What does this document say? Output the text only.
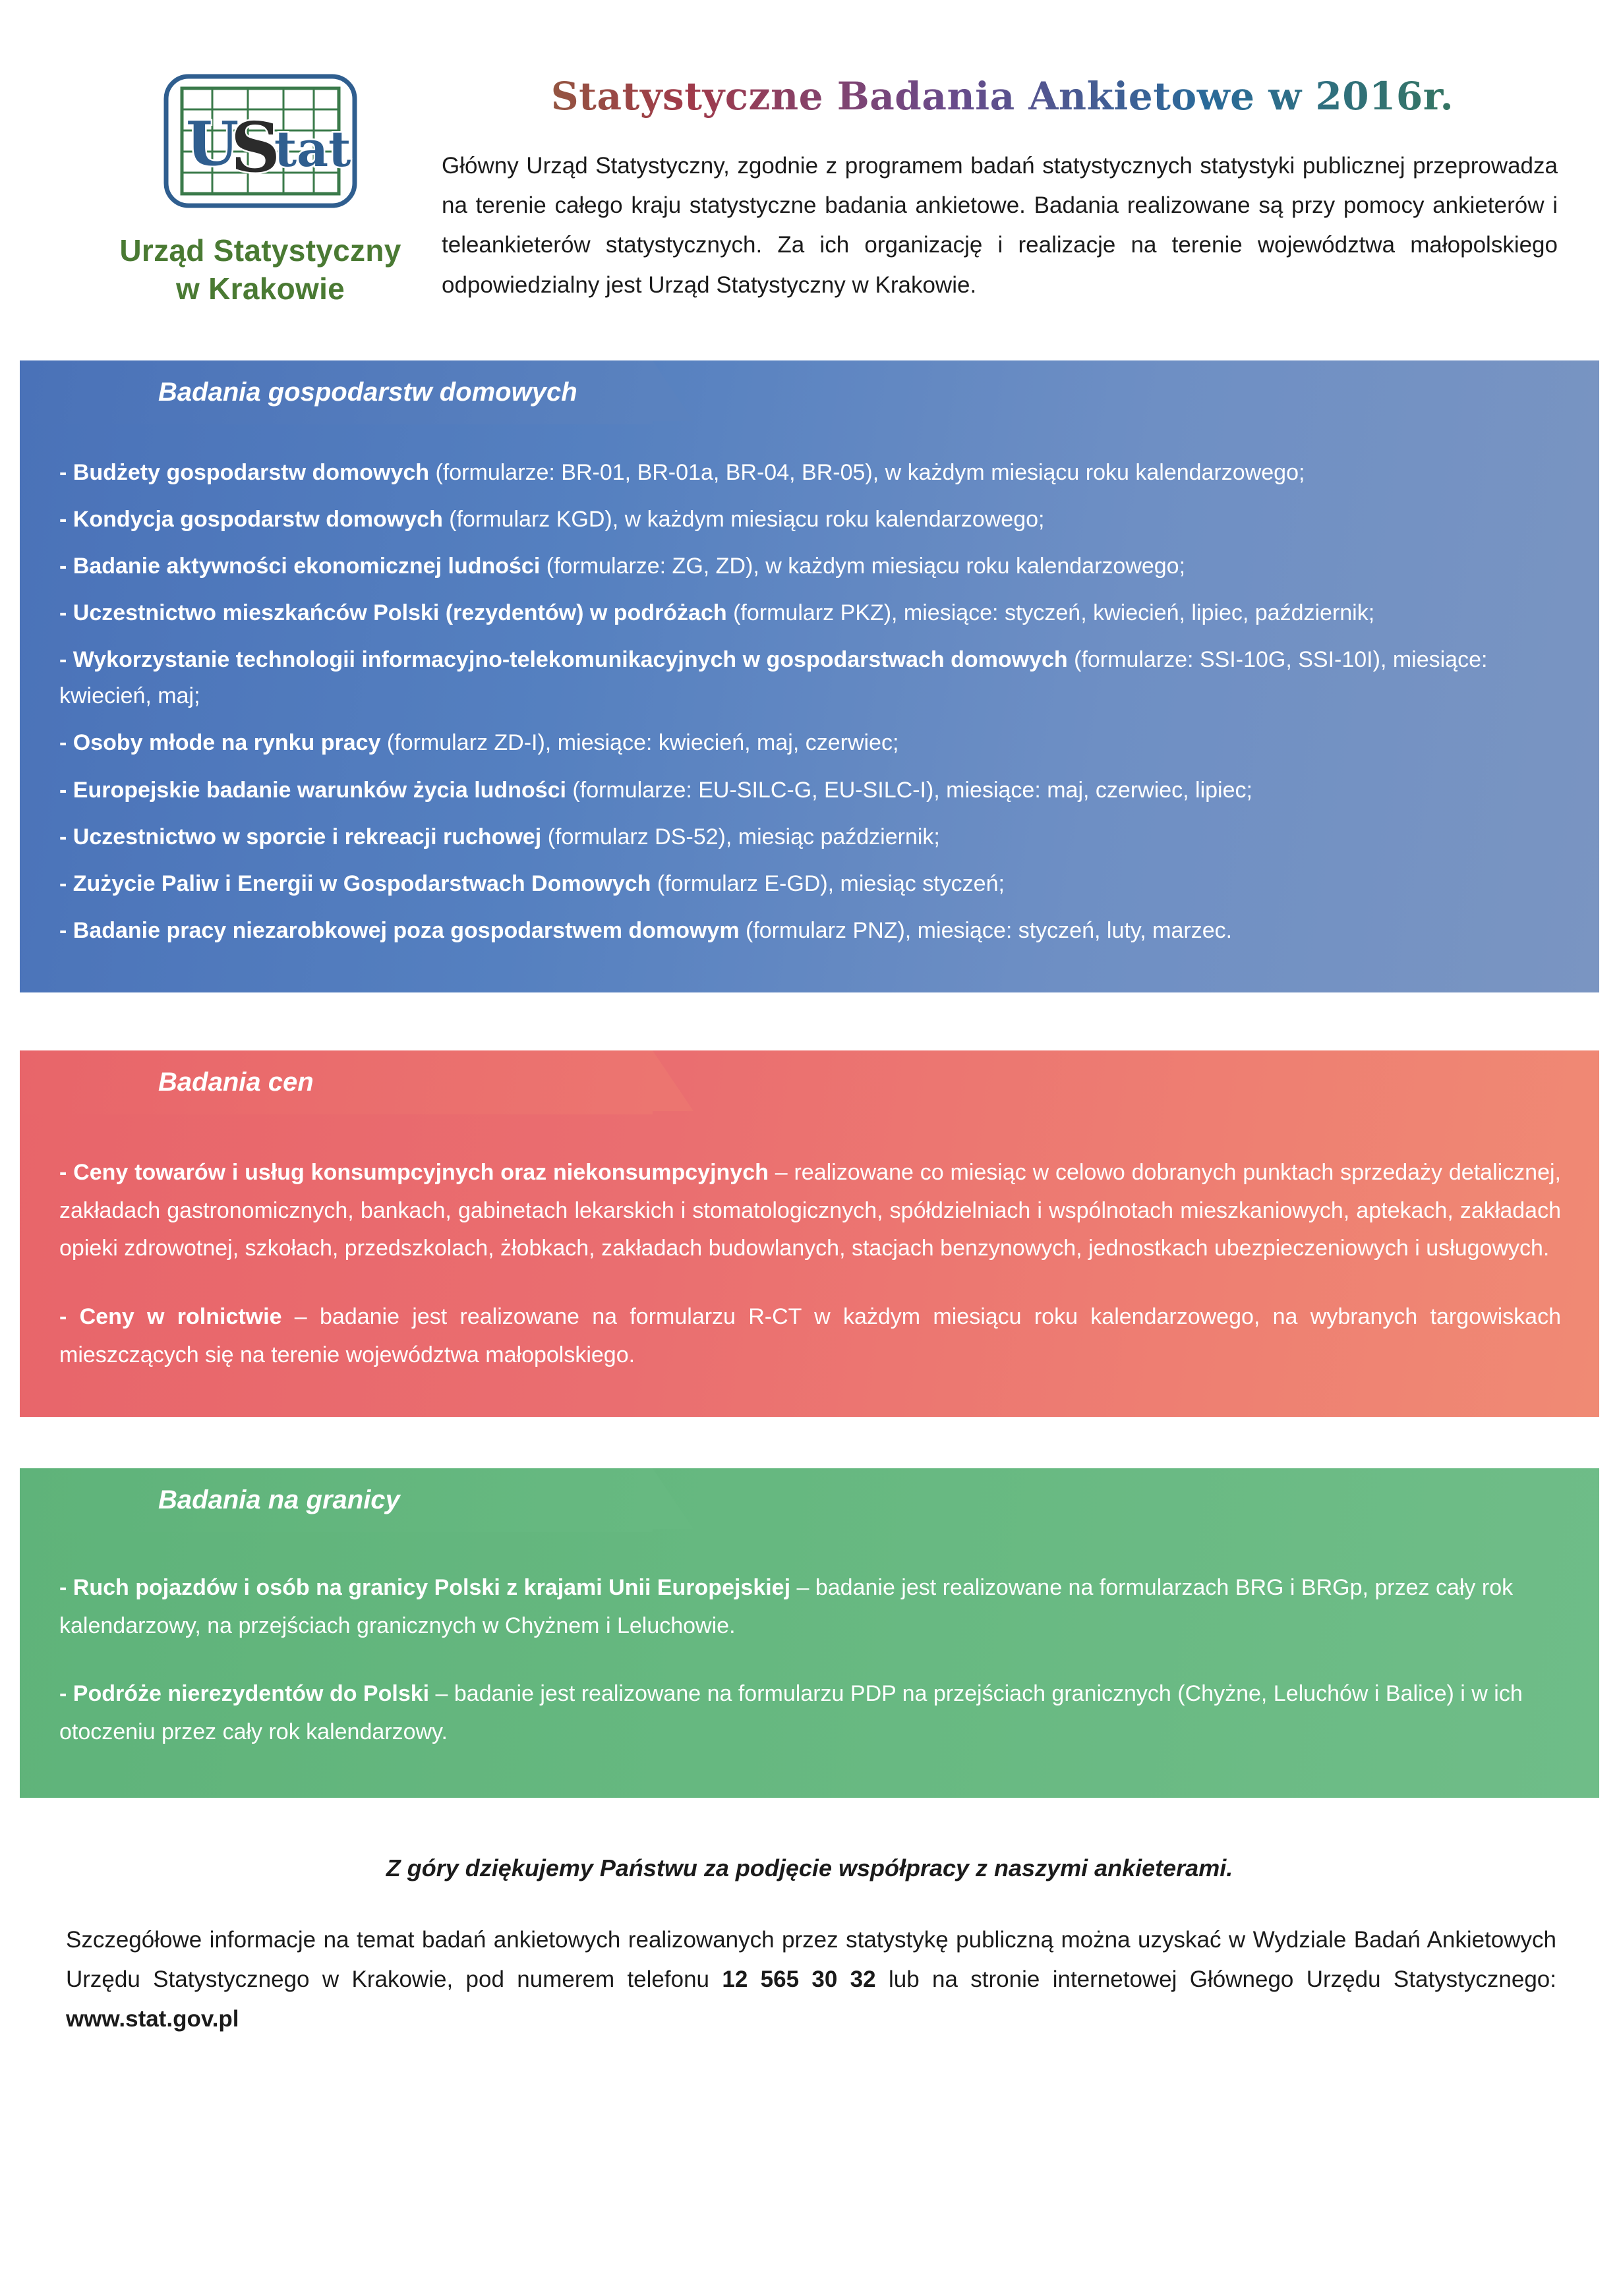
U
S
tat
Urząd Statystyczny
w Krakowie
Statystyczne Badania Ankietowe w 2016r.
Główny Urząd Statystyczny, zgodnie z programem badań statystycznych statystyki publicznej przeprowadza na terenie całego kraju statystyczne badania ankietowe. Badania realizowane są przy pomocy ankieterów i teleankieterów statystycznych. Za ich organizację i realizacje na terenie województwa małopolskiego odpowiedzialny jest Urząd Statystyczny w Krakowie.
Badania gospodarstw domowych
- Budżety gospodarstw domowych (formularze: BR-01, BR-01a, BR-04, BR-05), w każdym miesiącu roku kalendarzowego;
- Kondycja gospodarstw domowych (formularz KGD), w każdym miesiącu roku kalendarzowego;
- Badanie aktywności ekonomicznej ludności (formularze: ZG, ZD), w każdym miesiącu roku kalendarzowego;
- Uczestnictwo mieszkańców Polski (rezydentów) w podróżach (formularz PKZ), miesiące: styczeń, kwiecień, lipiec, październik;
- Wykorzystanie technologii informacyjno-telekomunikacyjnych w gospodarstwach domowych (formularze: SSI-10G, SSI-10I), miesiące: kwiecień, maj;
- Osoby młode na rynku pracy (formularz ZD-I), miesiące: kwiecień, maj, czerwiec;
- Europejskie badanie warunków życia ludności (formularze: EU-SILC-G, EU-SILC-I), miesiące: maj, czerwiec, lipiec;
- Uczestnictwo w sporcie i rekreacji ruchowej (formularz DS-52), miesiąc październik;
- Zużycie Paliw i Energii w Gospodarstwach Domowych (formularz E-GD), miesiąc styczeń;
- Badanie pracy niezarobkowej poza gospodarstwem domowym (formularz PNZ), miesiące: styczeń, luty, marzec.
Badania cen
- Ceny towarów i usług konsumpcyjnych oraz niekonsumpcyjnych – realizowane co miesiąc w celowo dobranych punktach sprzedaży detalicznej, zakładach gastronomicznych, bankach, gabinetach lekarskich i stomatologicznych, spółdzielniach i wspólnotach mieszkaniowych, aptekach, zakładach opieki zdrowotnej, szkołach, przedszkolach, żłobkach, zakładach budowlanych, stacjach benzynowych, jednostkach ubezpieczeniowych i usługowych.
- Ceny w rolnictwie – badanie jest realizowane na formularzu R-CT w każdym miesiącu roku kalendarzowego, na wybranych targowiskach mieszczących się na terenie województwa małopolskiego.
Badania na granicy
- Ruch pojazdów i osób na granicy Polski z krajami Unii Europejskiej – badanie jest realizowane na formularzach BRG i BRGp, przez cały rok kalendarzowy, na przejściach granicznych w Chyżnem i Leluchowie.
- Podróże nierezydentów do Polski – badanie jest realizowane na formularzu PDP na przejściach granicznych (Chyżne, Leluchów i Balice) i w ich otoczeniu przez cały rok kalendarzowy.
Z góry dziękujemy Państwu za podjęcie współpracy z naszymi ankieterami.
Szczegółowe informacje na temat badań ankietowych realizowanych przez statystykę publiczną można uzyskać w Wydziale Badań Ankietowych Urzędu Statystycznego w Krakowie, pod numerem telefonu 12 565 30 32 lub na stronie internetowej Głównego Urzędu Statystycznego: www.stat.gov.pl
